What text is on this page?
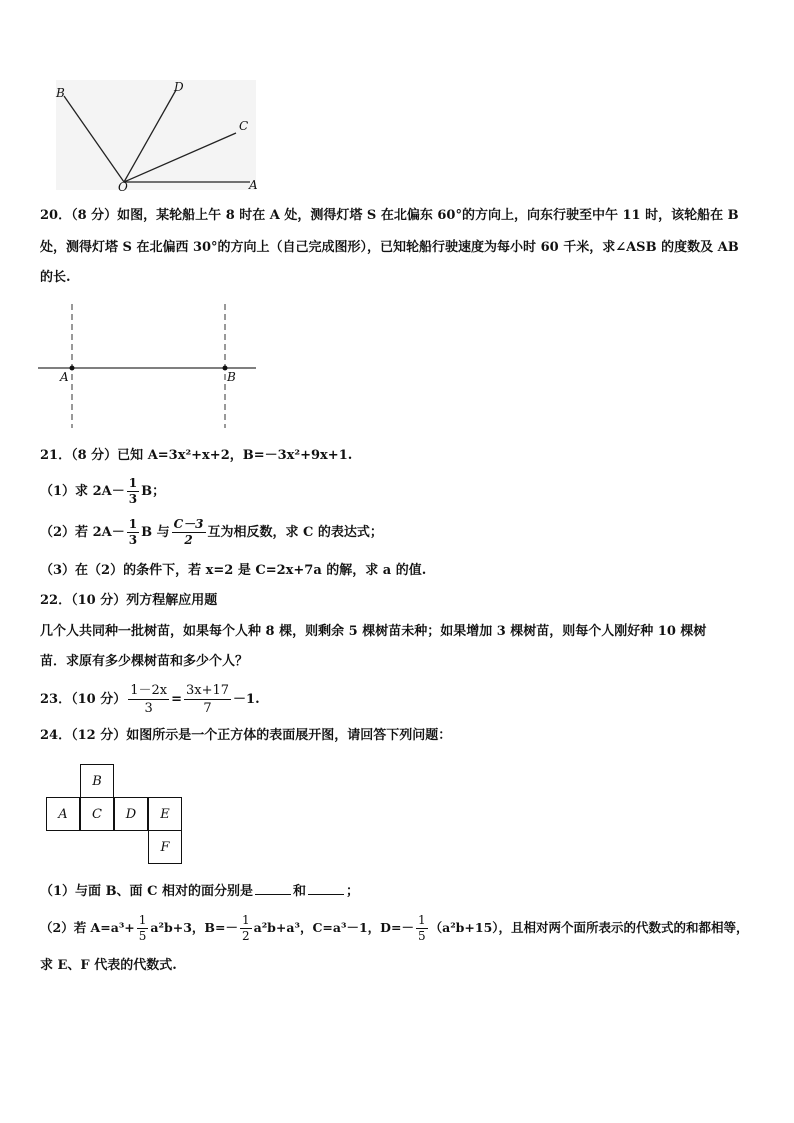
B	D
C
O	A
20．（8 分）如图，某轮船上午 8 时在 A 处，测得灯塔 S 在北偏东 60°的方向上，向东行驶至中午 11 时，该轮船在 B
处，测得灯塔 S 在北偏西 30°的方向上（自己完成图形），已知轮船行驶速度为每小时 60 千米，求∠ASB 的度数及 AB
的长.
A	B
21．（8 分）已知 A=3x²+x+2，B=－3x²+9x+1.
（1）求 $2A- \frac{1}{3}$ B；
（2）若 $2A- \frac{1}{3}$ B 与 $\frac{C-3}{2}$ 互为相反数，求 C 的表达式；
（3）在（2）的条件下，若 x=2 是 C=2x+7a 的解，求 a 的值.
22．（10 分）列方程解应用题
几个人共同种一批树苗，如果每个人种 8 棵，则剩余 5 棵树苗未种；如果增加 3 棵树苗，则每个人刚好种 10 棵树
苗．求原有多少棵树苗和多少个人？
23．（10 分） $\frac{1-2x}{3} = \frac{3x+17}{7} -1$.
24．（12 分）如图所示是一个正方体的表面展开图，请回答下列问题：
B
A	C	D	E
F
（1）与面 B、面 C 相对的面分别是	和	；
（2）若 $A=a^3+ \frac{1}{5} a^2b+3$，$B=- \frac{1}{2} a^2b+a^3$，C=a³－1，$D=- \frac{1}{5} (a^2b+15)$，且相对两个面所表示的代数式的和都相等，
求 E、F 代表的代数式.
